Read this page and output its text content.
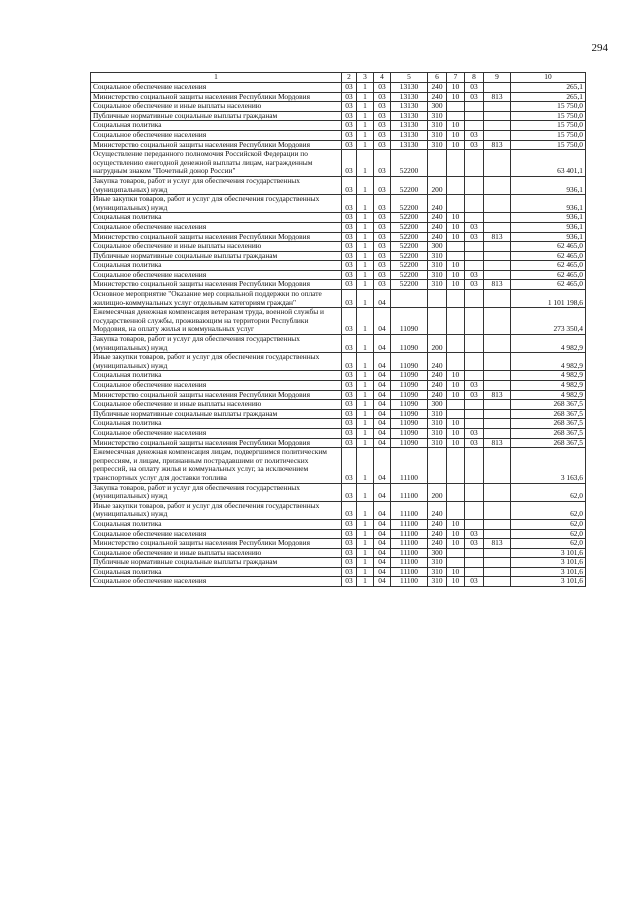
294
1	2	3	4	5	6	7	8	9	10
Социальное обеспечение населения	03	1	03	13130	240	10	03		265,1
Министерство социальной защиты населения Республики Мордовия	03	1	03	13130	240	10	03	813	265,1
Социальное обеспечение и иные выплаты населению	03	1	03	13130	300				15 750,0
Публичные нормативные социальные выплаты гражданам	03	1	03	13130	310				15 750,0
Социальная политика	03	1	03	13130	310	10			15 750,0
Социальное обеспечение населения	03	1	03	13130	310	10	03		15 750,0
Министерство социальной защиты населения Республики Мордовия	03	1	03	13130	310	10	03	813	15 750,0
Осуществление переданного полномочия Российской Федерации по осуществлению ежегодной денежной выплаты лицам, награжденным нагрудным знаком "Почетный донор России"	03	1	03	52200					63 401,1
Закупка товаров, работ и услуг для обеспечения государственных (муниципальных) нужд	03	1	03	52200	200				936,1
Иные закупки товаров, работ и услуг для обеспечения государственных (муниципальных) нужд	03	1	03	52200	240				936,1
Социальная политика	03	1	03	52200	240	10			936,1
Социальное обеспечение населения	03	1	03	52200	240	10	03		936,1
Министерство социальной защиты населения Республики Мордовия	03	1	03	52200	240	10	03	813	936,1
Социальное обеспечение и иные выплаты населению	03	1	03	52200	300				62 465,0
Публичные нормативные социальные выплаты гражданам	03	1	03	52200	310				62 465,0
Социальная политика	03	1	03	52200	310	10			62 465,0
Социальное обеспечение населения	03	1	03	52200	310	10	03		62 465,0
Министерство социальной защиты населения Республики Мордовия	03	1	03	52200	310	10	03	813	62 465,0
Основное мероприятие "Оказание мер социальной поддержки по оплате жилищно-коммунальных услуг отдельным категориям граждан"	03	1	04						1 101 198,6
Ежемесячная денежная компенсация ветеранам труда, военной службы и государственной службы, проживающим на территории Республики Мордовия, на оплату жилья и коммунальных услуг	03	1	04	11090					273 350,4
Закупка товаров, работ и услуг для обеспечения государственных (муниципальных) нужд	03	1	04	11090	200				4 982,9
Иные закупки товаров, работ и услуг для обеспечения государственных (муниципальных) нужд	03	1	04	11090	240				4 982,9
Социальная политика	03	1	04	11090	240	10			4 982,9
Социальное обеспечение населения	03	1	04	11090	240	10	03		4 982,9
Министерство социальной защиты населения Республики Мордовия	03	1	04	11090	240	10	03	813	4 982,9
Социальное обеспечение и иные выплаты населению	03	1	04	11090	300				268 367,5
Публичные нормативные социальные выплаты гражданам	03	1	04	11090	310				268 367,5
Социальная политика	03	1	04	11090	310	10			268 367,5
Социальное обеспечение населения	03	1	04	11090	310	10	03		268 367,5
Министерство социальной защиты населения Республики Мордовия	03	1	04	11090	310	10	03	813	268 367,5
Ежемесячная денежная компенсация лицам, подвергшимся политическим репрессиям, и лицам, признанным пострадавшими от политических репрессий, на оплату жилья и коммунальных услуг, за исключением транспортных услуг для доставки топлива	03	1	04	11100					3 163,6
Закупка товаров, работ и услуг для обеспечения государственных (муниципальных) нужд	03	1	04	11100	200				62,0
Иные закупки товаров, работ и услуг для обеспечения государственных (муниципальных) нужд	03	1	04	11100	240				62,0
Социальная политика	03	1	04	11100	240	10			62,0
Социальное обеспечение населения	03	1	04	11100	240	10	03		62,0
Министерство социальной защиты населения Республики Мордовия	03	1	04	11100	240	10	03	813	62,0
Социальное обеспечение и иные выплаты населению	03	1	04	11100	300				3 101,6
Публичные нормативные социальные выплаты гражданам	03	1	04	11100	310				3 101,6
Социальная политика	03	1	04	11100	310	10			3 101,6
Социальное обеспечение населения	03	1	04	11100	310	10	03		3 101,6
